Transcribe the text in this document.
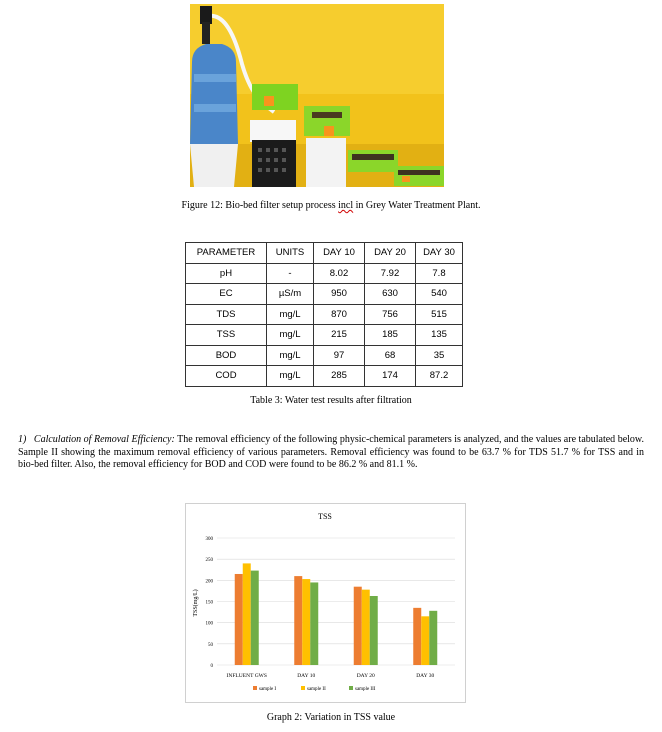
Figure 12: Bio-bed filter setup process incl in Grey Water Treatment Plant.
PARAMETER	UNITS	DAY 10	DAY 20	DAY 30
pH	-	8.02	7.92	7.8
EC	µS/m	950	630	540
TDS	mg/L	870	756	515
TSS	mg/L	215	185	135
BOD	mg/L	97	68	35
COD	mg/L	285	174	87.2
Table 3: Water test results after filtration
1) Calculation of Removal Efficiency: The removal efficiency of the following physic-chemical parameters is analyzed, and the values are tabulated below. Sample II showing the maximum removal efficiency of various parameters. Removal efficiency was found to be 63.7 % for TDS 51.7 % for TSS and in bio-bed filter. Also, the removal efficiency for BOD and COD were found to be 86.2 % and 81.1 %.
TSS
TSS(mg/L)
0
50
100
150
200
250
300
INFLUENT GWS	DAY 10	DAY 20	DAY 30
sample I	sample II	sample III
Graph 2: Variation in TSS value
